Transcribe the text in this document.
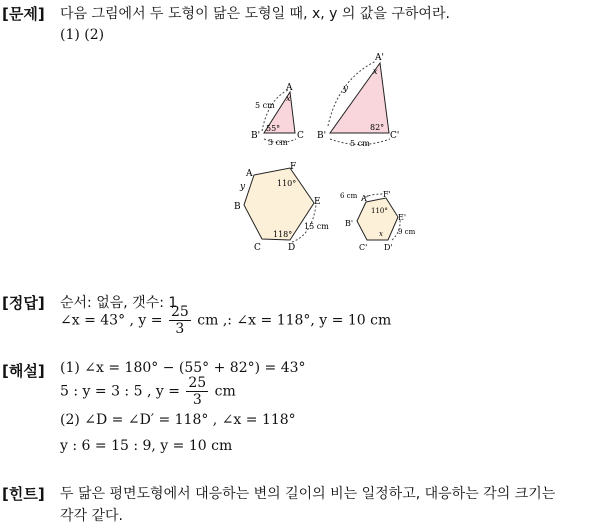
[문제] 다음 그림에서 두 도형이 닮은 도형일 때, x, y 의 값을 구하여라.
(1) (2)
A
B'	C
5 cm
3 cm
55°
x
A'
B'	C'
5 cm
82°
y
x
A
B
C	D
E
F
110°
118°
15 cm
y
A'
B'
C' D'
E'
F'
110°
9 cm
6 cm
x
[정답] 순서: 없음, 갯수: 1
∠x = 43° , $y = \frac{25}{3}$ cm ,: ∠x = 118°, y = 10 cm
[해설] (1) ∠x = 180° − (55° + 82°) = 43°
5 : y = 3 : 5 , $y = \frac{25}{3}$ cm
(2) ∠D = ∠D′ = 118° , ∠x = 118°
y : 6 = 15 : 9, y = 10 cm
[힌트] 두 닮은 평면도형에서 대응하는 변의 길이의 비는 일정하고, 대응하는 각의 크기는
각각 같다.
